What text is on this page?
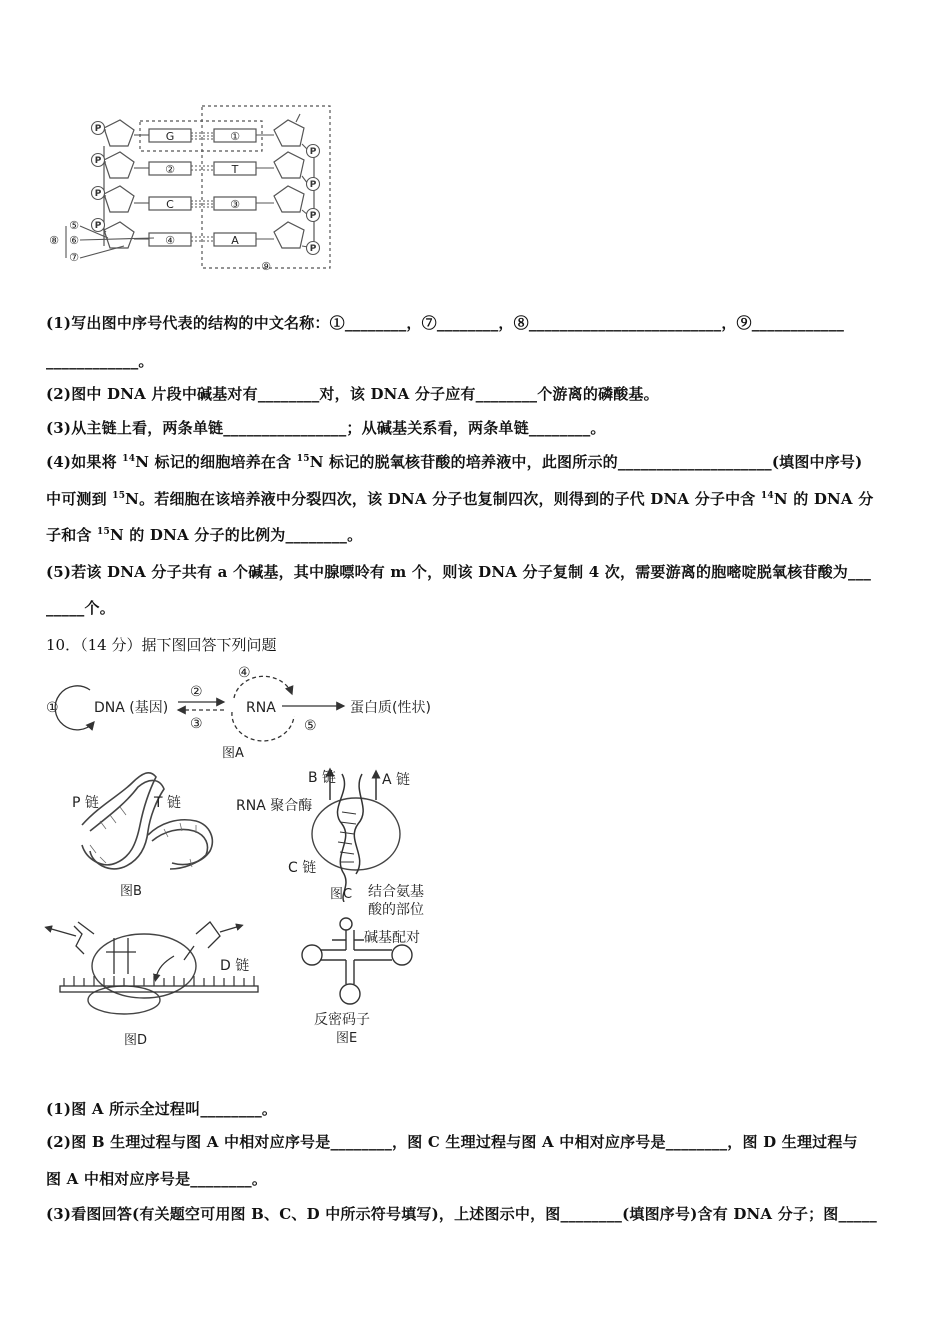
P
P
P
P
P
P
P
P
G
②
C
④
①
T
③
A
⑤
⑥
⑦
⑧
⑨
(1)写出图中序号代表的结构的中文名称：①________，⑦________，⑧_________________________，⑨____________
____________。
(2)图中 DNA 片段中碱基对有________对，该 DNA 分子应有________个游离的磷酸基。
(3)从主链上看，两条单链________________；从碱基关系看，两条单链________。
(4)如果将 $^{14}$N 标记的细胞培养在含 $^{15}$N 标记的脱氧核苷酸的培养液中，此图所示的____________________(填图中序号)
中可测到 $^{15}$N。若细胞在该培养液中分裂四次，该 DNA 分子也复制四次，则得到的子代 DNA 分子中含 $^{14}$N 的 DNA 分
子和含 $^{15}$N 的 DNA 分子的比例为________。
(5)若该 DNA 分子共有 a 个碱基，其中腺嘌呤有 m 个，则该 DNA 分子复制 4 次，需要游离的胞嘧啶脱氧核苷酸为___
_____个。
10．（14 分）据下图回答下列问题
①	DNA (基因)
②
③
④
RNA
⑤
蛋白质(性状)
图A
P 链	T 链
图B
B 链	A 链
RNA 聚合酶
C 链
图C
D 链
图D
结合氨基
酸的部位
碱基配对
反密码子
图E
(1)图 A 所示全过程叫________。
(2)图 B 生理过程与图 A 中相对应序号是________，图 C 生理过程与图 A 中相对应序号是________，图 D 生理过程与
图 A 中相对应序号是________。
(3)看图回答(有关题空可用图 B、C、D 中所示符号填写)，上述图示中，图________(填图序号)含有 DNA 分子；图_____
